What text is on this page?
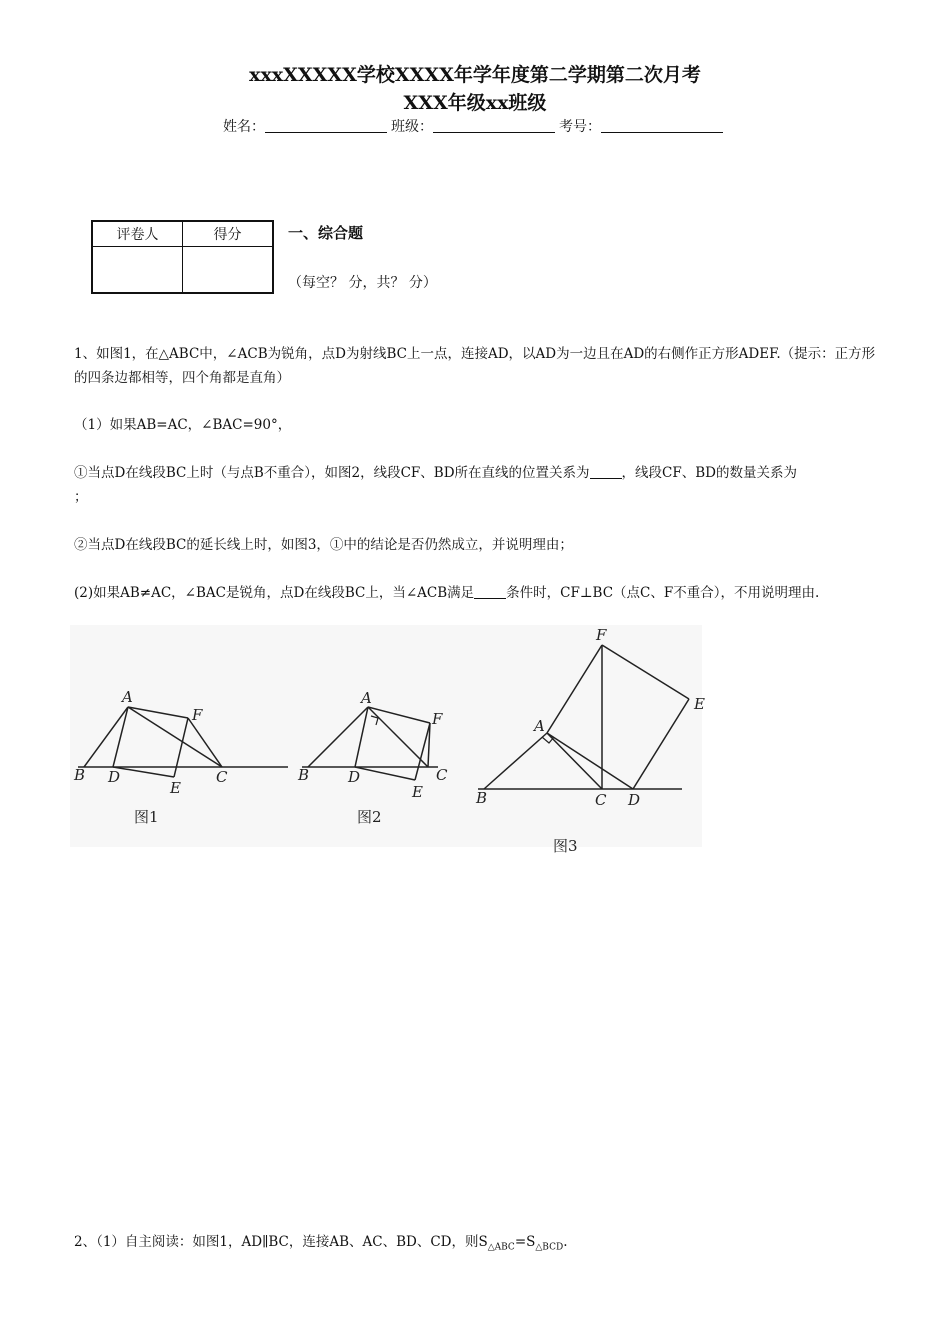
xxxXXXXX学校XXXX年学年度第二学期第二次月考
XXX年级xx班级
姓名：	班级：	考号：
评卷人	得分
		一、综合题
（每空？ 分，共？ 分）
1、如图1，在△ABC中，∠ACB为锐角，点D为射线BC上一点，连接AD，以AD为一边且在AD的右侧作正方形ADEF.（提示：正方形的四条边都相等，四个角都是直角）
（1）如果AB=AC，∠BAC=90°，
①当点D在线段BC上时（与点B不重合），如图2，线段CF、BD所在直线的位置关系为 ，线段CF、BD的数量关系为
；
②当点D在线段BC的延长线上时，如图3，①中的结论是否仍然成立，并说明理由；
(2)如果AB≠AC，∠BAC是锐角，点D在线段BC上，当∠ACB满足 条件时，CF⊥BC（点C、F不重合），不用说明理由.
A
B D
E
F
C
A
B	D
E
F
C
A
B	C D
E
F
图1	图2
图3
2、（1）自主阅读：如图1，AD∥BC，连接AB、AC、BD、CD，则$S_{\triangle ABC}=S_{\triangle BCD}$.
